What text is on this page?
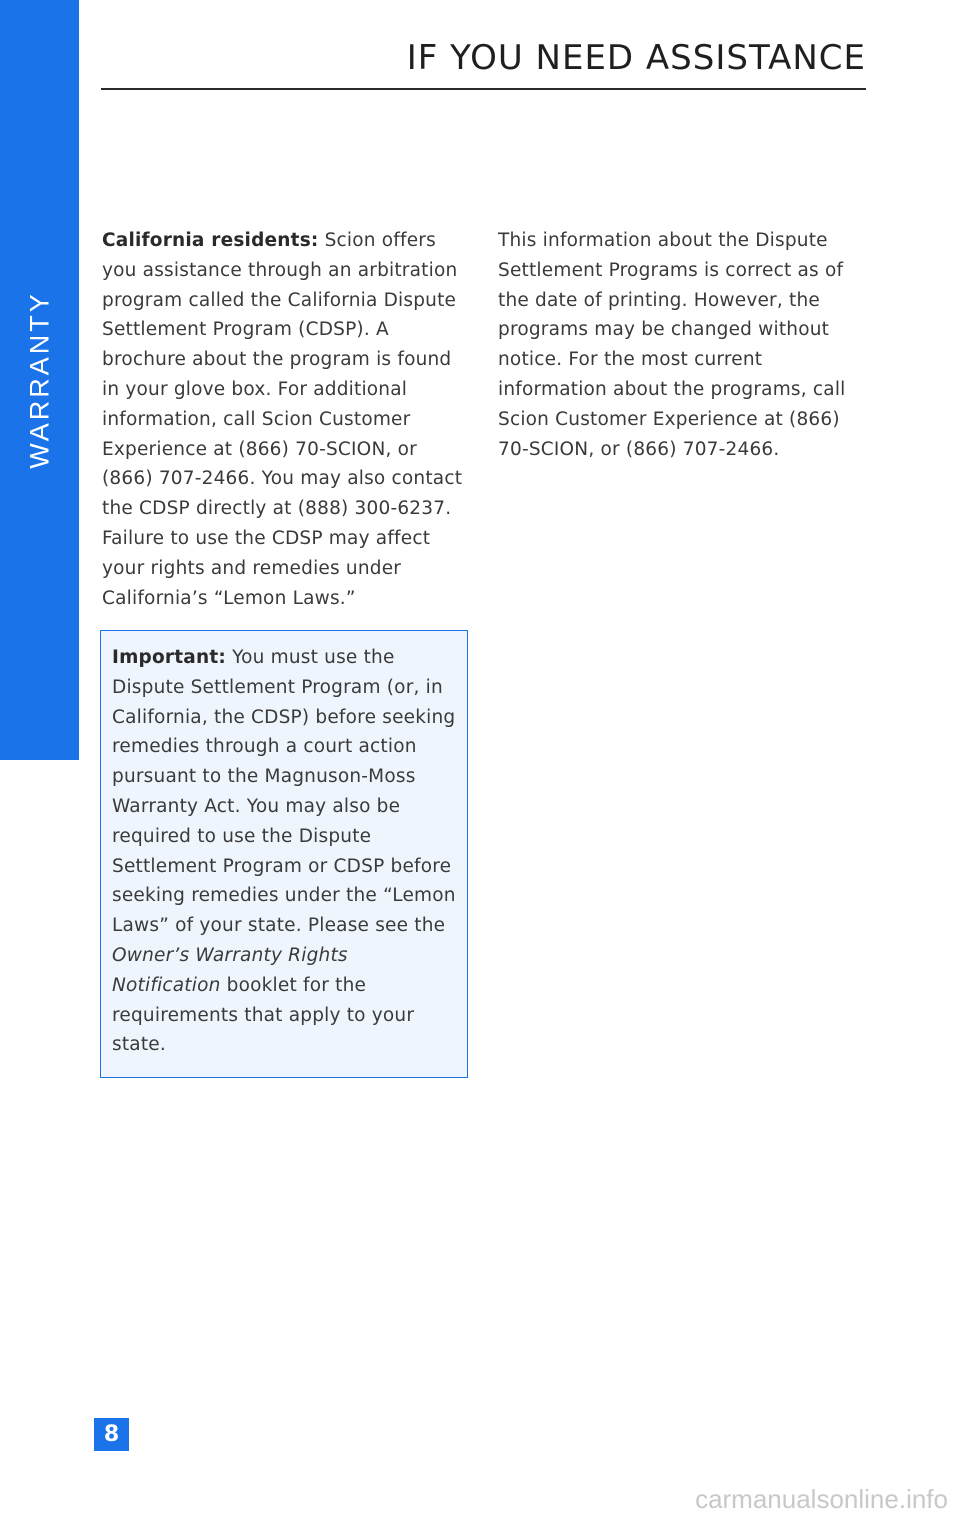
WARRANTY
IF YOU NEED ASSISTANCE

California residents: Scion offers you assistance through an arbitration program called the California Dispute Settlement Program (CDSP). A brochure about the program is found in your glove box. For additional information, call Scion Customer Experience at (866) 70-SCION, or (866) 707-2466. You may also contact the CDSP directly at (888) 300-6237. Failure to use the CDSP may affect your rights and remedies under California’s “Lemon Laws.”

Important: You must use the Dispute Settlement Program (or, in California, the CDSP) before seeking remedies through a court action pursuant to the Magnuson-Moss Warranty Act. You may also be required to use the Dispute Settlement Program or CDSP before seeking remedies under the “Lemon Laws” of your state. Please see the Owner’s Warranty Rights Notification booklet for the requirements that apply to your state.

This information about the Dispute Settlement Programs is correct as of the date of printing. However, the programs may be changed without notice. For the most current information about the programs, call Scion Customer Experience at (866) 70-SCION, or (866) 707-2466.

8
carmanualsonline.info
